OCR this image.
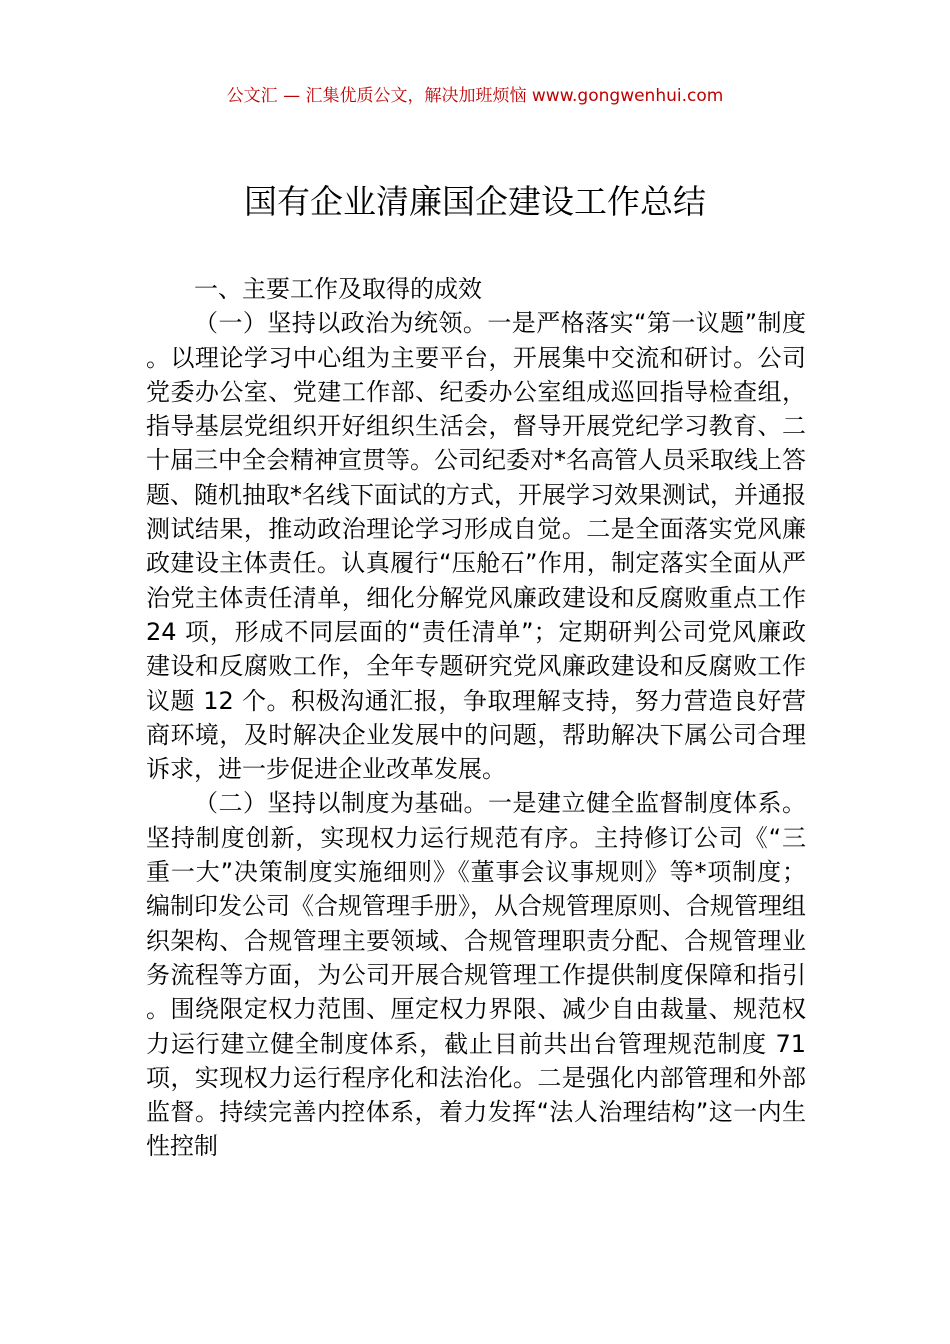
公文汇 — 汇集优质公文，解决加班烦恼 www.gongwenhui.com
国有企业清廉国企建设工作总结

一、主要工作及取得的成效

（一）坚持以政治为统领。一是严格落实“第一议题”制度。以理论学习中心组为主要平台，开展集中交流和研讨。公司党委办公室、党建工作部、纪委办公室组成巡回指导检查组，指导基层党组织开好组织生活会，督导开展党纪学习教育、二十届三中全会精神宣贯等。公司纪委对*名高管人员采取线上答题、随机抽取*名线下面试的方式，开展学习效果测试，并通报测试结果，推动政治理论学习形成自觉。二是全面落实党风廉政建设主体责任。认真履行“压舱石”作用，制定落实全面从严治党主体责任清单，细化分解党风廉政建设和反腐败重点工作 24 项，形成不同层面的“责任清单”；定期研判公司党风廉政建设和反腐败工作，全年专题研究党风廉政建设和反腐败工作议题 12 个。积极沟通汇报，争取理解支持，努力营造良好营商环境，及时解决企业发展中的问题，帮助解决下属公司合理诉求，进一步促进企业改革发展。

（二）坚持以制度为基础。一是建立健全监督制度体系。坚持制度创新，实现权力运行规范有序。主持修订公司《“三重一大”决策制度实施细则》《董事会议事规则》等*项制度；编制印发公司《合规管理手册》，从合规管理原则、合规管理组织架构、合规管理主要领域、合规管理职责分配、合规管理业务流程等方面，为公司开展合规管理工作提供制度保障和指引。围绕限定权力范围、厘定权力界限、减少自由裁量、规范权力运行建立健全制度体系，截止目前共出台管理规范制度 71 项，实现权力运行程序化和法治化。二是强化内部管理和外部监督。持续完善内控体系，着力发挥“法人治理结构”这一内生性控制
